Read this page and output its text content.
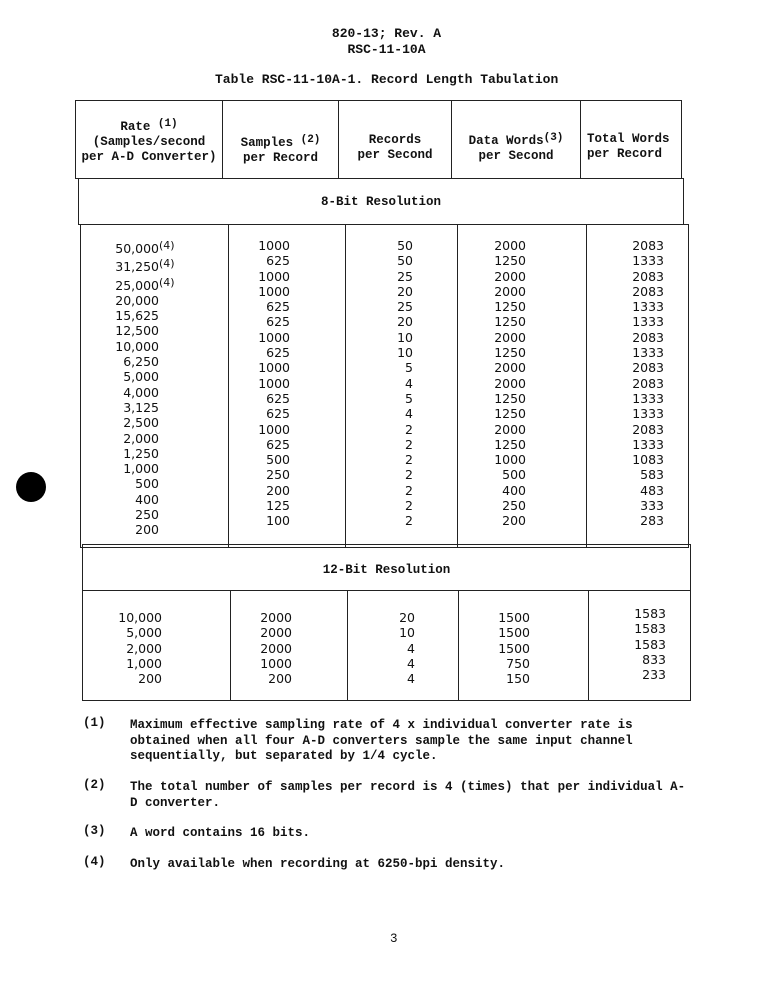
820-13; Rev. A
RSC-11-10A
Table RSC-11-10A-1. Record Length Tabulation
Rate $^{(1)}$
(Samples/second
per A-D Converter)
Samples $^{(2)}$
per Record
Records
per Second
Data Words$^{(3)}$
per Second
Total Words
per Record
8-Bit Resolution
50,000$^{(4)}$
31,250$^{(4)}$
25,000$^{(4)}$
20,000
15,625
12,500
10,000
6,250
5,000
4,000
3,125
2,500
2,000
1,250
1,000
500
400
250
200
1000
625
1000
1000
625
625
1000
625
1000
1000
625
625
1000
625
500
250
200
125
100
50
50
25
20
25
20
10
10
5
4
5
4
2
2
2
2
2
2
2
2000
1250
2000
2000
1250
1250
2000
1250
2000
2000
1250
1250
2000
1250
1000
500
400
250
200
2083
1333
2083
2083
1333
1333
2083
1333
2083
2083
1333
1333
2083
1333
1083
583
483
333
283
12-Bit Resolution
10,000
5,000
2,000
1,000
200
2000
2000
2000
1000
200
20
10
4
4
4
1500
1500
1500
750
150
1583
1583
1583
833
233
(1) Maximum effective sampling rate of 4 x individual converter rate is obtained when all four A-D converters sample the same input channel sequentially, but separated by 1/4 cycle.
(2) The total number of samples per record is 4 (times) that per individual A-D converter.
(3) A word contains 16 bits.
(4) Only available when recording at 6250-bpi density.
3
